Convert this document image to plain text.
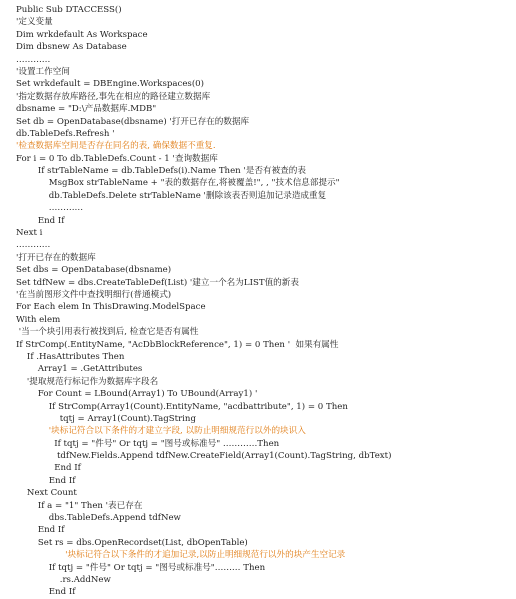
Public Sub DTACCESS()
'定义变量
Dim wrkdefault As Workspace
Dim dbsnew As Database
…………
'设置工作空间
Set wrkdefault = DBEngine.Workspaces(0)
'指定数据存放库路径,事先在相应的路径建立数据库
dbsname = "D:\产品数据库.MDB"
Set db = OpenDatabase(dbsname) '打开已存在的数据库
db.TableDefs.Refresh '
'检查数据库空间是否存在同名的表, 确保数据不重复.
For i = 0 To db.TableDefs.Count - 1 '查询数据库
If strTableName = db.TableDefs(i).Name Then '是否有被查的表
MsgBox strTableName + "表的数据存在,将被覆盖!", , "技术信息部提示"
db.TableDefs.Delete strTableName '删除该表否则追加记录造成重复
…………
End If
Next i
…………
'打开已存在的数据库
Set dbs = OpenDatabase(dbsname)
Set tdfNew = dbs.CreateTableDef(List) '建立一个名为LIST值的新表
'在当前图形文件中查找明细行(普通模式)
For Each elem In ThisDrawing.ModelSpace
With elem
'当一个块引用表行被找到后, 检查它是否有属性
If StrComp(.EntityName, "AcDbBlockReference", 1) = 0 Then '  如果有属性
If .HasAttributes Then
Array1 = .GetAttributes
'提取规范行标记作为数据库字段名
For Count = LBound(Array1) To UBound(Array1) '
If StrComp(Array1(Count).EntityName, "acdbattribute", 1) = 0 Then
tqtj = Array1(Count).TagString
'块标记符合以下条件的才建立字段, 以防止明细规范行以外的块识入
If tqtj = "件号" Or tqtj = "图号或标准号" …………Then
tdfNew.Fields.Append tdfNew.CreateField(Array1(Count).TagString, dbText)
End If
End If
Next Count
If a = "1" Then '表已存在
dbs.TableDefs.Append tdfNew
End If
Set rs = dbs.OpenRecordset(List, dbOpenTable)
'块标记符合以下条件的才追加记录,以防止明细规范行以外的块产生空记录
If tqtj = "件号" Or tqtj = "图号或标准号"……… Then
.rs.AddNew
End If
